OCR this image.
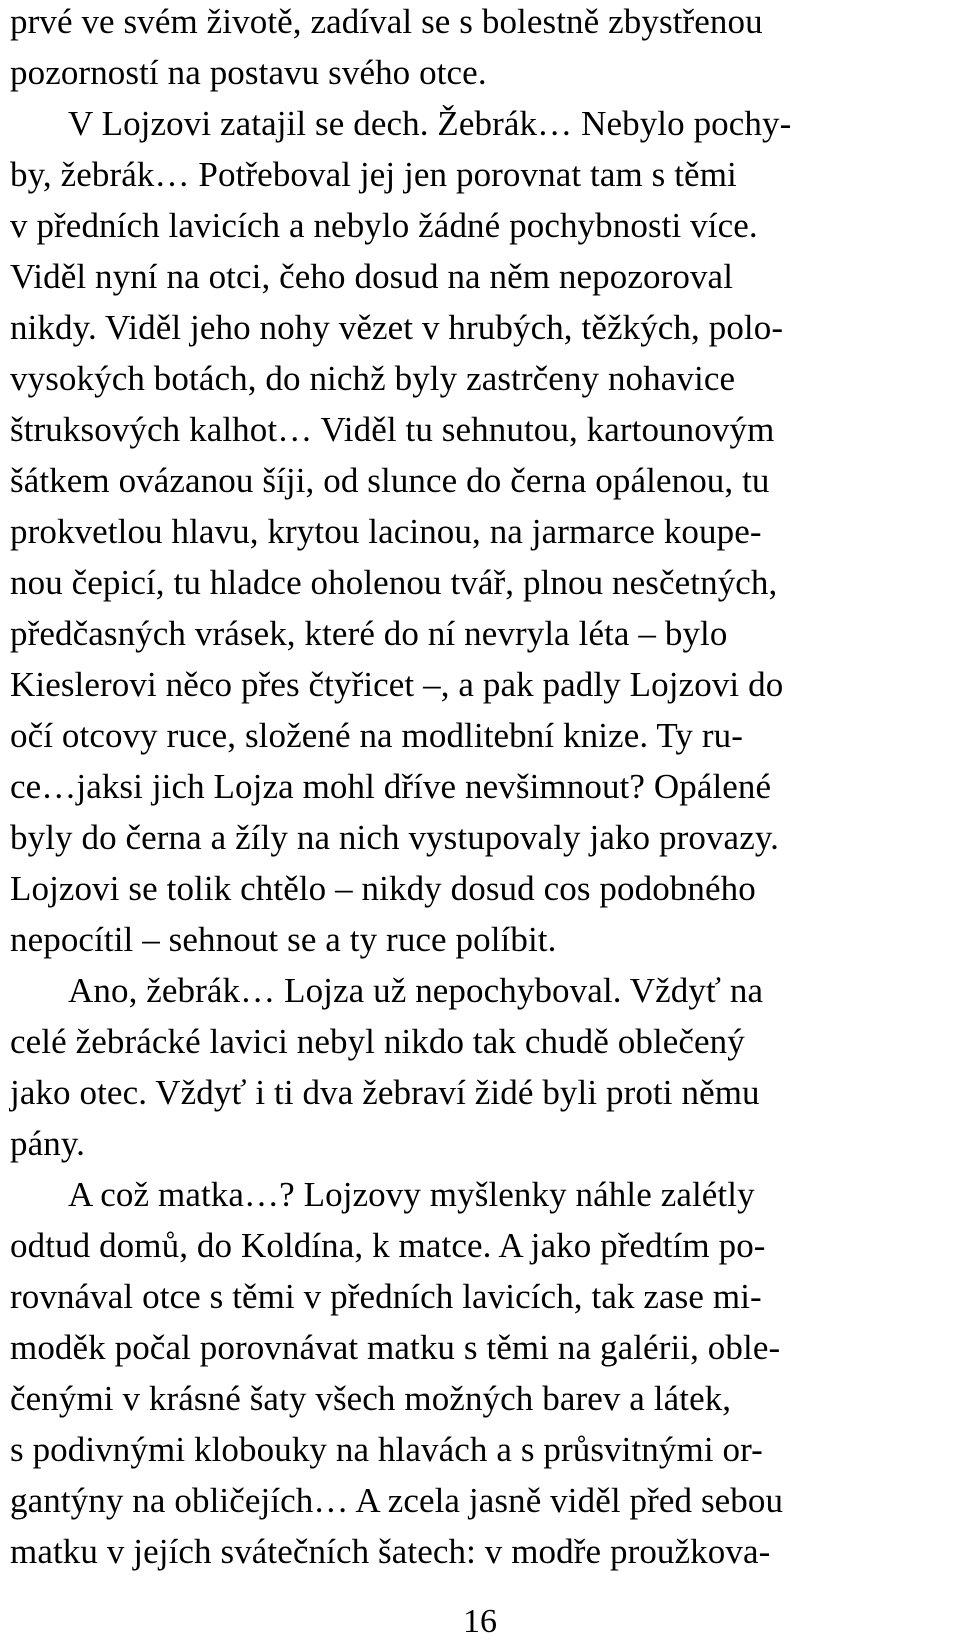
prvé ve svém životě, zadíval se s bolestně zbystřenou
pozorností na postavu svého otce.
V Lojzovi zatajil se dech. Žebrák… Nebylo pochy-
by, žebrák… Potřeboval jej jen porovnat tam s těmi
v předních lavicích a nebylo žádné pochybnosti více.
Viděl nyní na otci, čeho dosud na něm nepozoroval
nikdy. Viděl jeho nohy vězet v hrubých, těžkých, polo-
vysokých botách, do nichž byly zastrčeny nohavice
štruksových kalhot… Viděl tu sehnutou, kartounovým
šátkem ovázanou šíji, od slunce do černa opálenou, tu
prokvetlou hlavu, krytou lacinou, na jarmarce koupe-
nou čepicí, tu hladce oholenou tvář, plnou nesčetných,
předčasných vrásek, které do ní nevryla léta – bylo
Kieslerovi něco přes čtyřicet –, a pak padly Lojzovi do
očí otcovy ruce, složené na modlitební knize. Ty ru-
ce…jaksi jich Lojza mohl dříve nevšimnout? Opálené
byly do černa a žíly na nich vystupovaly jako provazy.
Lojzovi se tolik chtělo – nikdy dosud cos podobného
nepocítil – sehnout se a ty ruce políbit.
Ano, žebrák… Lojza už nepochyboval. Vždyť na
celé žebrácké lavici nebyl nikdo tak chudě oblečený
jako otec. Vždyť i ti dva žebraví židé byli proti němu
pány.
A což matka…? Lojzovy myšlenky náhle zalétly
odtud domů, do Koldína, k matce. A jako předtím po-
rovnával otce s těmi v předních lavicích, tak zase mi-
moděk počal porovnávat matku s těmi na galérii, oble-
čenými v krásné šaty všech možných barev a látek,
s podivnými klobouky na hlavách a s průsvitnými or-
gantýny na obličejích… A zcela jasně viděl před sebou
matku v jejích svátečních šatech: v modře proužkova-
16
